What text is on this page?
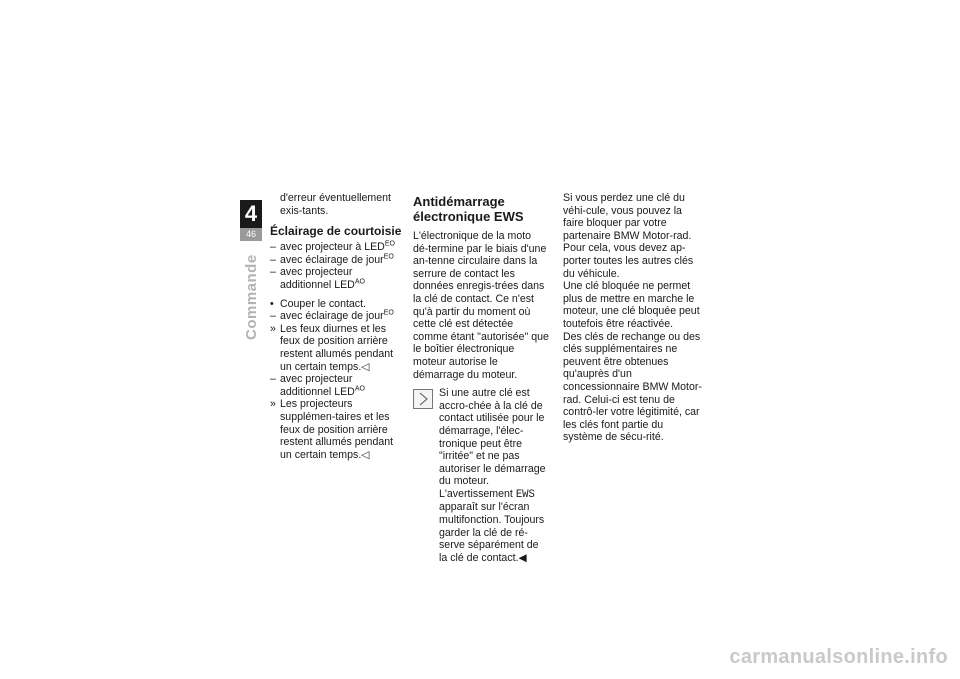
4
46
Commande

d'erreur éventuellement exis-tants.

Éclairage de courtoisie
– avec projecteur à $LED^{EO}$
– avec éclairage de jour$^{EO}$
– avec projecteur additionnel $LED^{AO}$
• Couper le contact.
– avec éclairage de jour$^{EO}$
» Les feux diurnes et les feux de position arrière restent allumés pendant un certain temps.◁
– avec projecteur additionnel $LED^{AO}$
» Les projecteurs supplémen-taires et les feux de position arrière restent allumés pendant un certain temps.◁
Antidémarrage électronique EWS

L'électronique de la moto dé-termine par le biais d'une an-tenne circulaire dans la serrure de contact les données enregis-trées dans la clé de contact. Ce n'est qu'à partir du moment où cette clé est détectée comme étant "autorisée" que le boîtier électronique moteur autorise le démarrage du moteur.

Si une autre clé est accro-chée à la clé de contact utilisée pour le démarrage, l'élec-tronique peut être "irritée" et ne pas autoriser le démarrage du moteur. L'avertissement EWS apparaît sur l'écran multifonction. Toujours garder la clé de ré-serve séparément de la clé de contact.◀

Si vous perdez une clé du véhi-cule, vous pouvez la faire bloquer par votre partenaire BMW Motor-rad. Pour cela, vous devez ap-porter toutes les autres clés du véhicule.

Une clé bloquée ne permet plus de mettre en marche le moteur, une clé bloquée peut toutefois être réactivée.

Des clés de rechange ou des clés supplémentaires ne peuvent être obtenues qu'auprès d'un concessionnaire BMW Motor-rad. Celui-ci est tenu de contrô-ler votre légitimité, car les clés font partie du système de sécu-rité.

carmanualsonline.info
